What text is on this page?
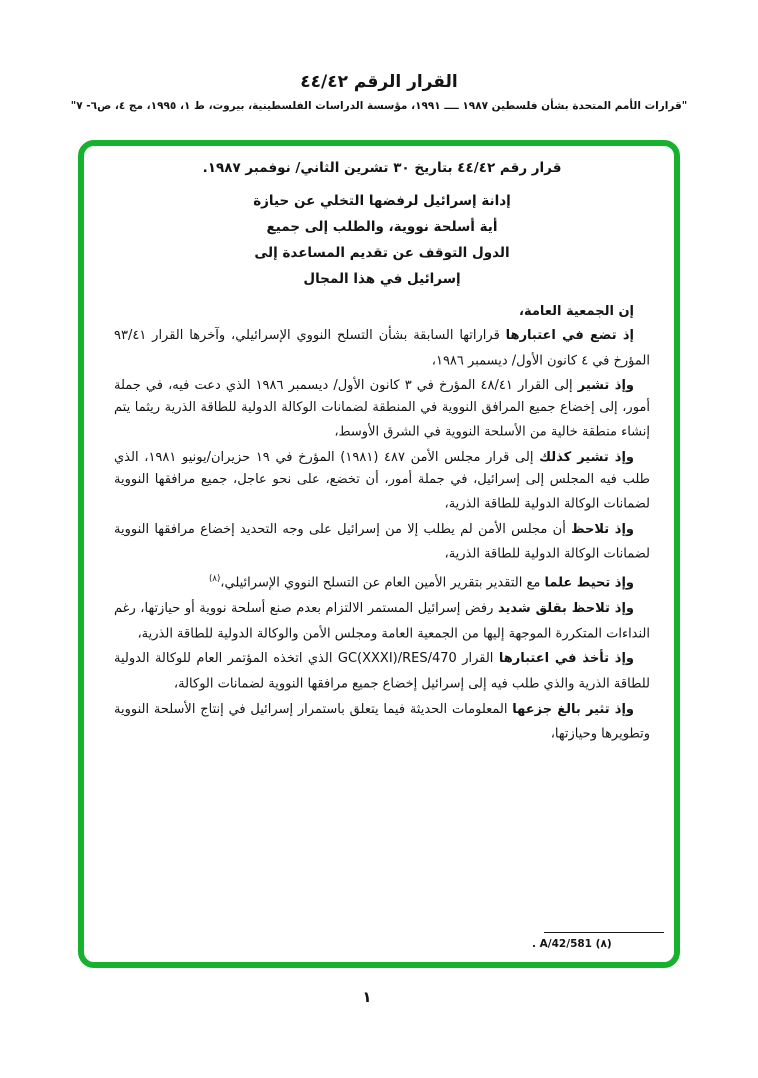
القرار الرقم ٤٤/٤٢
"قرارات الأمم المتحدة بشأن فلسطين ١٩٨٧ ــــ ١٩٩١، مؤسسة الدراسات الفلسطينية، بيروت، ط ١، ١٩٩٥، مج ٤، ص٦- ٧"
قرار رقم ٤٤/٤٢ بتاريخ ٣٠ تشرين الثاني/ نوفمبر ١٩٨٧.
إدانة إسرائيل لرفضها التخلي عن حيازة
أية أسلحة نووية، والطلب إلى جميع
الدول التوقف عن تقديم المساعدة إلى
إسرائيل في هذا المجال
إن الجمعية العامة،

إذ تضع في اعتبارها قراراتها السابقة بشأن التسلح النووي الإسرائيلي، وآخرها القرار ٩٣/٤١ المؤرخ في ٤ كانون الأول/ ديسمبر ١٩٨٦،

وإذ تشير إلى القرار ٤٨/٤١ المؤرخ في ٣ كانون الأول/ ديسمبر ١٩٨٦ الذي دعت فيه، في جملة أمور، إلى إخضاع جميع المرافق النووية في المنطقة لضمانات الوكالة الدولية للطاقة الذرية ريثما يتم إنشاء منطقة خالية من الأسلحة النووية في الشرق الأوسط،

وإذ تشير كذلك إلى قرار مجلس الأمن ٤٨٧ (١٩٨١) المؤرخ في ١٩ حزيران/يونيو ١٩٨١، الذي طلب فيه المجلس إلى إسرائيل، في جملة أمور، أن تخضع، على نحو عاجل، جميع مرافقها النووية لضمانات الوكالة الدولية للطاقة الذرية،

وإذ تلاحظ أن مجلس الأمن لم يطلب إلا من إسرائيل على وجه التحديد إخضاع مرافقها النووية لضمانات الوكالة الدولية للطاقة الذرية،

وإذ تحيط علما مع التقدير بتقرير الأمين العام عن التسلح النووي الإسرائيلي،$^{(٨)}$

وإذ تلاحظ بقلق شديد رفض إسرائيل المستمر الالتزام بعدم صنع أسلحة نووية أو حيازتها، رغم النداءات المتكررة الموجهة إليها من الجمعية العامة ومجلس الأمن والوكالة الدولية للطاقة الذرية،

وإذ تأخذ في اعتبارها القرار GC(XXXI)/RES/470 الذي اتخذه المؤتمر العام للوكالة الدولية للطاقة الذرية والذي طلب فيه إلى إسرائيل إخضاع جميع مرافقها النووية لضمانات الوكالة،

وإذ تثير بالغ جزعها المعلومات الحديثة فيما يتعلق باستمرار إسرائيل في إنتاج الأسلحة النووية وتطويرها وحيازتها،

(٨) A/42/581 .
١
